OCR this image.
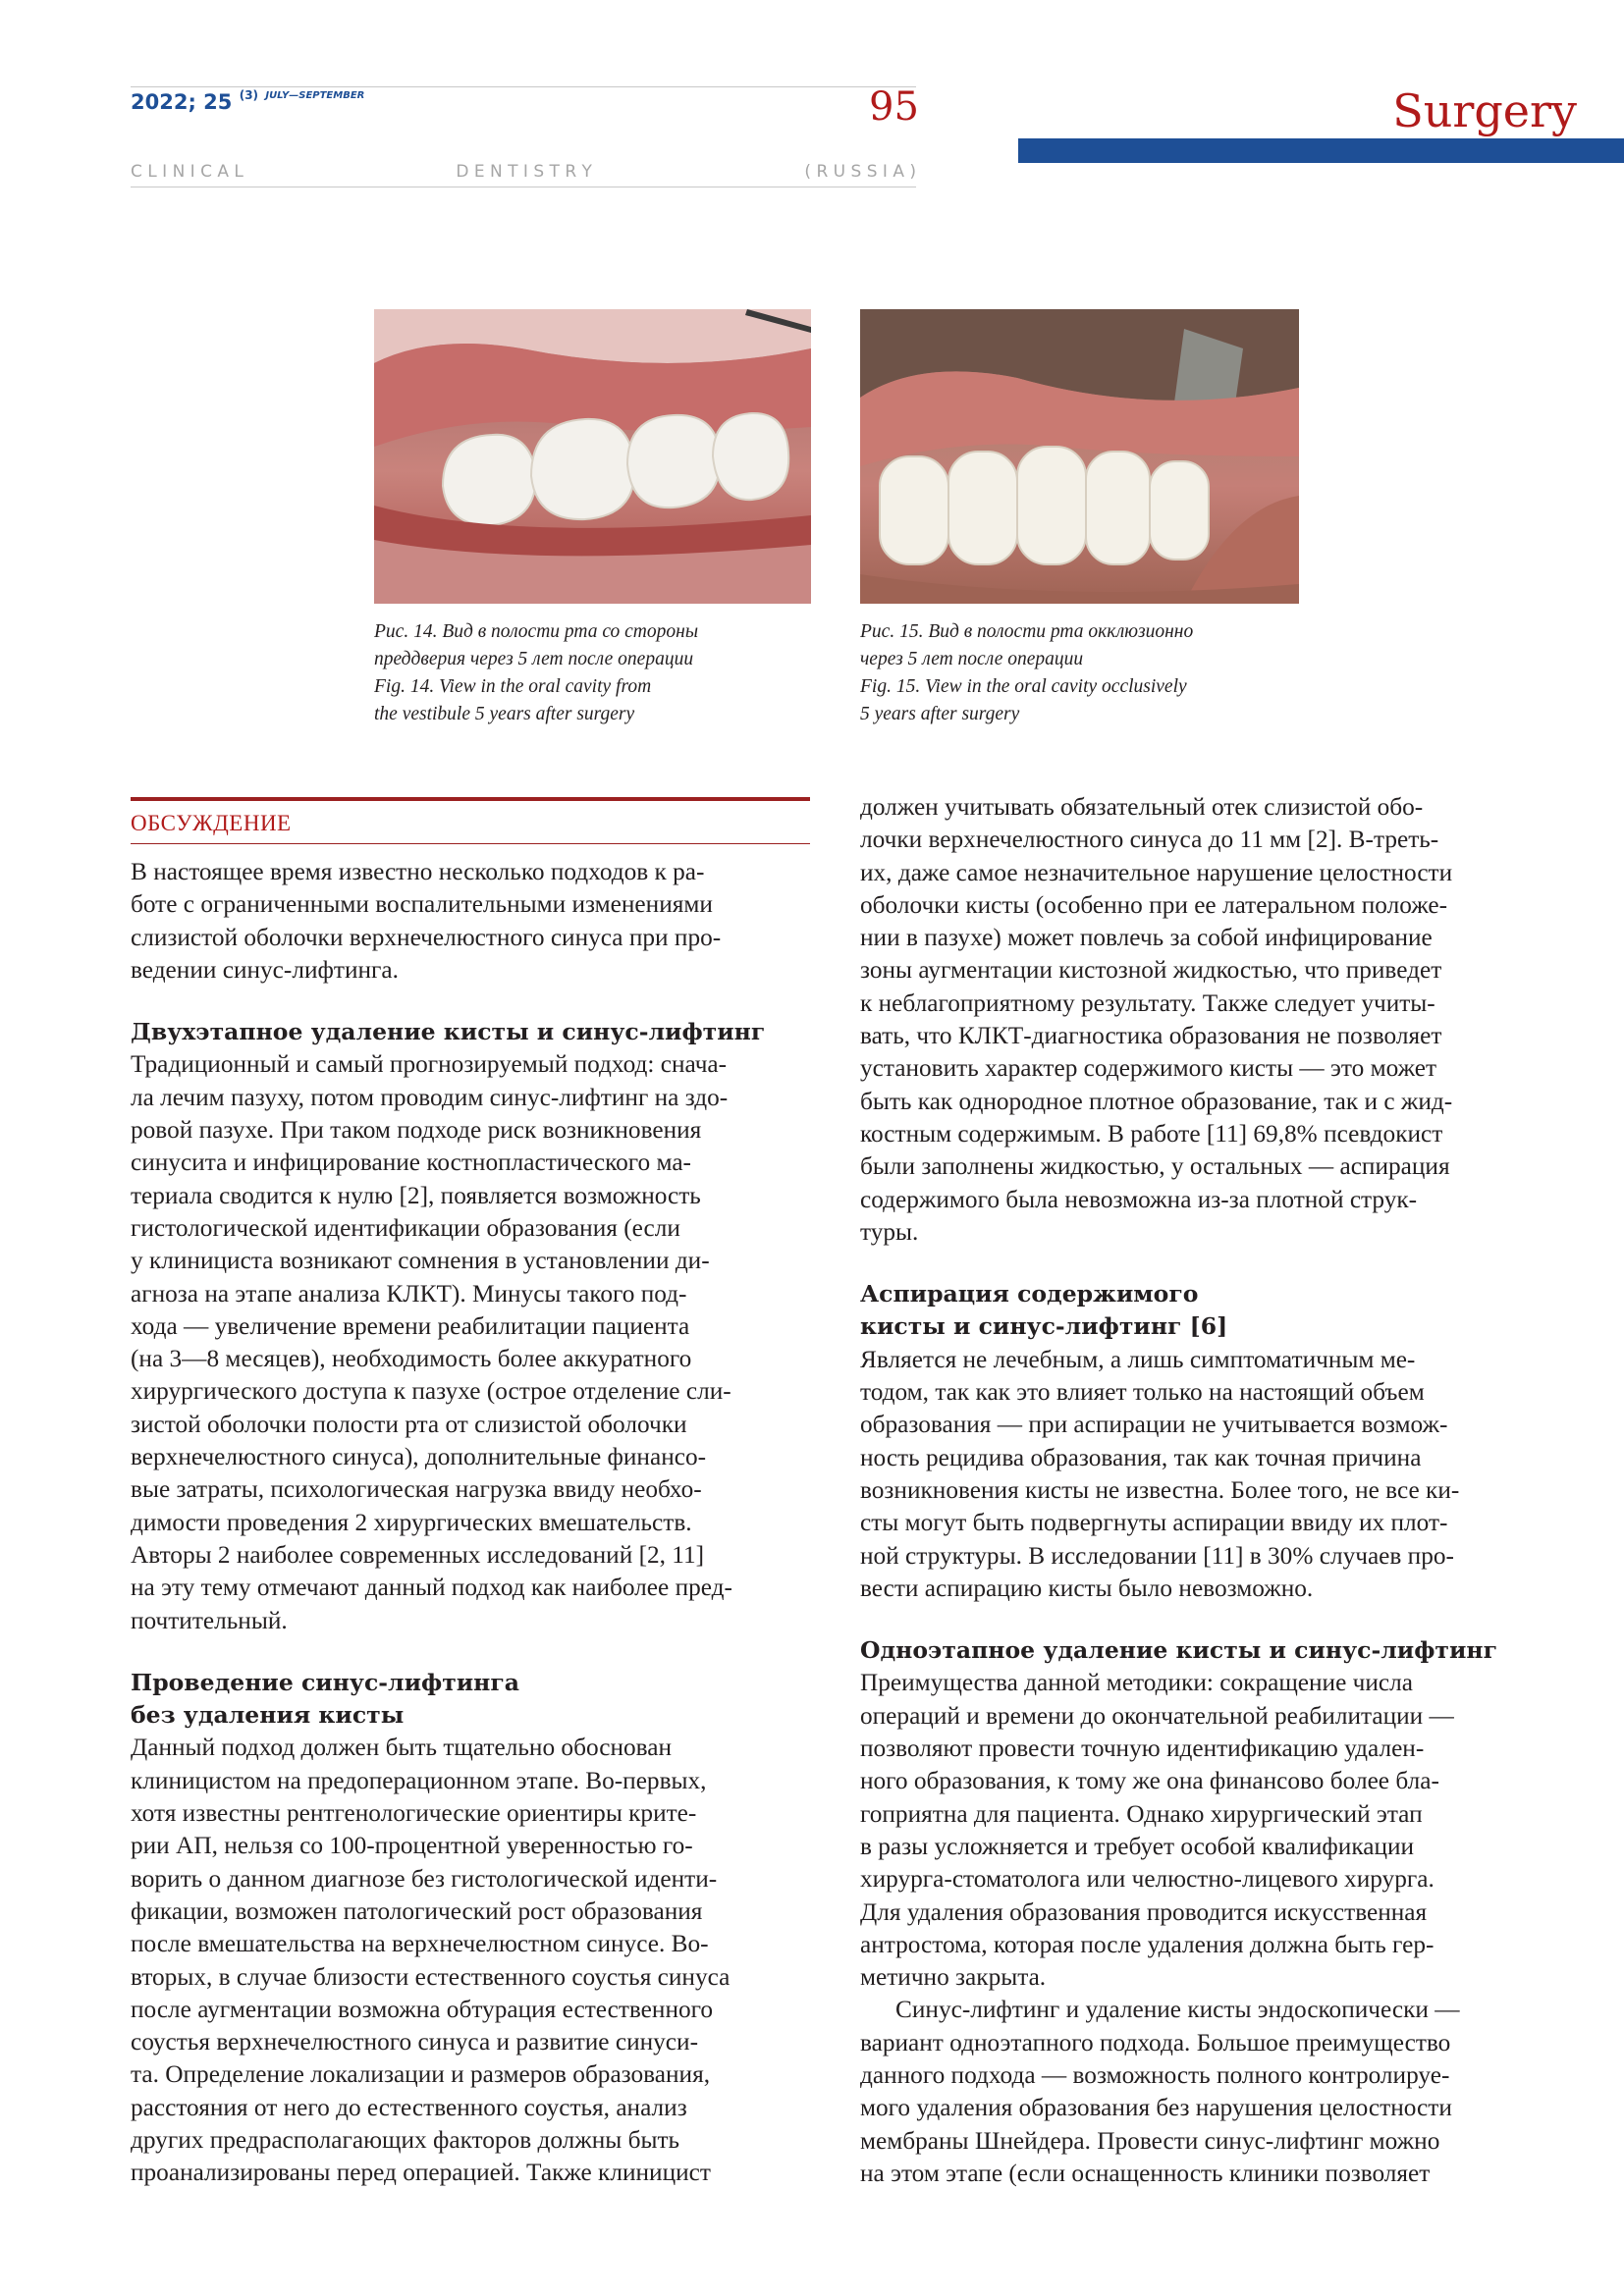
2022; 25 $^{(3)}$ $^{JULY—SEPTEMBER}$	95
C L I N I C A L	D E N T I S T R Y	( R U S S I A )
Surgery
Рис. 14. Вид в полости рта со стороны
преддверия через 5 лет после операции
Fig. 14. View in the oral cavity from
the vestibule 5 years after surgery
Рис. 15. Вид в полости рта окклюзионно
через 5 лет после операции
Fig. 15. View in the oral cavity occlusively
5 years after surgery
ОБСУЖДЕНИЕ
В настоящее время известно несколько подходов к ра-
боте с ограниченными воспалительными изменениями
слизистой оболочки верхнечелюстного синуса при про-
ведении синус-лифтинга.
Двухэтапное удаление кисты и синус-лифтинг
Традиционный и самый прогнозируемый подход: снача-
ла лечим пазуху, потом проводим синус-лифтинг на здо-
ровой пазухе. При таком подходе риск возникновения
синусита и инфицирование костнопластического ма-
териала сводится к нулю [2], появляется возможность
гистологической идентификации образования (если
у клинициста возникают сомнения в установлении ди-
агноза на этапе анализа КЛКТ). Минусы такого под-
хода — увеличение времени реабилитации пациента
(на 3—8 месяцев), необходимость более аккуратного
хирургического доступа к пазухе (острое отделение сли-
зистой оболочки полости рта от слизистой оболочки
верхнечелюстного синуса), дополнительные финансо-
вые затраты, психологическая нагрузка ввиду необхо-
димости проведения 2 хирургических вмешательств.
Авторы 2 наиболее современных исследований [2, 11]
на эту тему отмечают данный подход как наиболее пред-
почтительный.
Проведение синус-лифтинга
без удаления кисты
Данный подход должен быть тщательно обоснован
клиницистом на предоперационном этапе. Во-первых,
хотя известны рентгенологические ориентиры крите-
рии АП, нельзя со 100-процентной уверенностью го-
ворить о данном диагнозе без гистологической иденти-
фикации, возможен патологический рост образования
после вмешательства на верхнечелюстном синусе. Во-
вторых, в случае близости естественного соустья синуса
после аугментации возможна обтурация естественного
соустья верхнечелюстного синуса и развитие синуси-
та. Определение локализации и размеров образования,
расстояния от него до естественного соустья, анализ
других предрасполагающих факторов должны быть
проанализированы перед операцией. Также клиницист
должен учитывать обязательный отек слизистой обо-
лочки верхнечелюстного синуса до 11 мм [2]. В-треть-
их, даже самое незначительное нарушение целостности
оболочки кисты (особенно при ее латеральном положе-
нии в пазухе) может повлечь за собой инфицирование
зоны аугментации кистозной жидкостью, что приведет
к неблагоприятному результату. Также следует учиты-
вать, что КЛКТ-диагностика образования не позволяет
установить характер содержимого кисты — это может
быть как однородное плотное образование, так и с жид-
костным содержимым. В работе [11] 69,8% псевдокист
были заполнены жидкостью, у остальных — аспирация
содержимого была невозможна из-за плотной струк-
туры.
Аспирация содержимого
кисты и синус-лифтинг [6]
Является не лечебным, а лишь симптоматичным ме-
тодом, так как это влияет только на настоящий объем
образования — при аспирации не учитывается возмож-
ность рецидива образования, так как точная причина
возникновения кисты не известна. Более того, не все ки-
сты могут быть подвергнуты аспирации ввиду их плот-
ной структуры. В исследовании [11] в 30% случаев про-
вести аспирацию кисты было невозможно.
Одноэтапное удаление кисты и синус-лифтинг
Преимущества данной методики: сокращение числа
операций и времени до окончательной реабилитации —
позволяют провести точную идентификацию удален-
ного образования, к тому же она финансово более бла-
гоприятна для пациента. Однако хирургический этап
в разы усложняется и требует особой квалификации
хирурга-стоматолога или челюстно-лицевого хирурга.
Для удаления образования проводится искусственная
антростома, которая после удаления должна быть гер-
метично закрыта.
Синус-лифтинг и удаление кисты эндоскопически —
вариант одноэтапного подхода. Большое преимущество
данного подхода — возможность полного контролируе-
мого удаления образования без нарушения целостности
мембраны Шнейдера. Провести синус-лифтинг можно
на этом этапе (если оснащенность клиники позволяет
